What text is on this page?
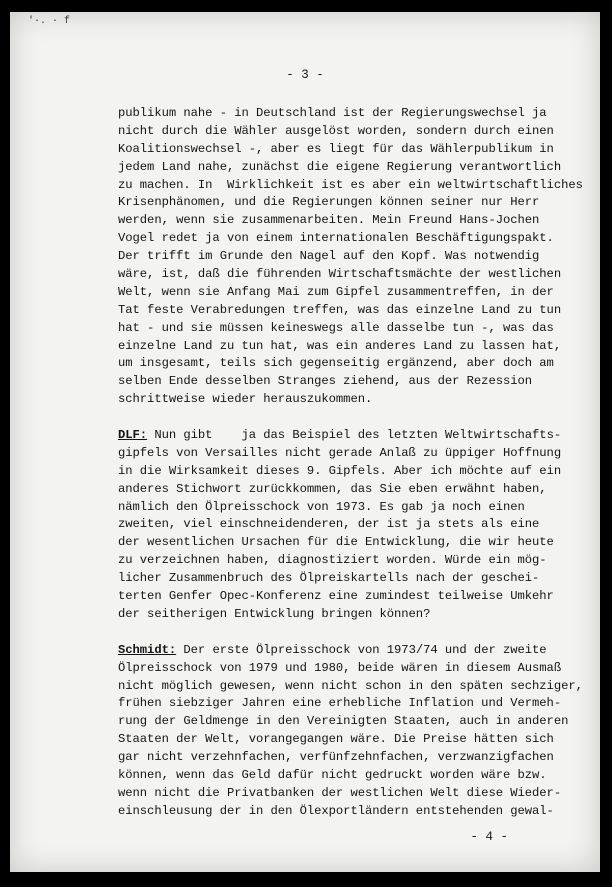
'·. · f
- 3 -
publikum nahe - in Deutschland ist der Regierungswechsel ja
nicht durch die Wähler ausgelöst worden, sondern durch einen
Koalitionswechsel -, aber es liegt für das Wählerpublikum in
jedem Land nahe, zunächst die eigene Regierung verantwortlich
zu machen. In  Wirklichkeit ist es aber ein weltwirtschaftliches
Krisenphänomen, und die Regierungen können seiner nur Herr
werden, wenn sie zusammenarbeiten. Mein Freund Hans-Jochen
Vogel redet ja von einem internationalen Beschäftigungspakt.
Der trifft im Grunde den Nagel auf den Kopf. Was notwendig
wäre, ist, daß die führenden Wirtschaftsmächte der westlichen
Welt, wenn sie Anfang Mai zum Gipfel zusammentreffen, in der
Tat feste Verabredungen treffen, was das einzelne Land zu tun
hat - und sie müssen keineswegs alle dasselbe tun -, was das
einzelne Land zu tun hat, was ein anderes Land zu lassen hat,
um insgesamt, teils sich gegenseitig ergänzend, aber doch am
selben Ende desselben Stranges ziehend, aus der Rezession
schrittweise wieder herauszukommen.
DLF: Nun gibt    ja das Beispiel des letzten Weltwirtschafts-
gipfels von Versailles nicht gerade Anlaß zu üppiger Hoffnung
in die Wirksamkeit dieses 9. Gipfels. Aber ich möchte auf ein
anderes Stichwort zurückkommen, das Sie eben erwähnt haben,
nämlich den Ölpreisschock von 1973. Es gab ja noch einen
zweiten, viel einschneidenderen, der ist ja stets als eine
der wesentlichen Ursachen für die Entwicklung, die wir heute
zu verzeichnen haben, diagnostiziert worden. Würde ein mög-
licher Zusammenbruch des Ölpreiskartells nach der geschei-
terten Genfer Opec-Konferenz eine zumindest teilweise Umkehr
der seitherigen Entwicklung bringen können?
Schmidt: Der erste Ölpreisschock von 1973/74 und der zweite
Ölpreisschock von 1979 und 1980, beide wären in diesem Ausmaß
nicht möglich gewesen, wenn nicht schon in den späten sechziger,
frühen siebziger Jahren eine erhebliche Inflation und Vermeh-
rung der Geldmenge in den Vereinigten Staaten, auch in anderen
Staaten der Welt, vorangegangen wäre. Die Preise hätten sich
gar nicht verzehnfachen, verfünfzehnfachen, verzwanzigfachen
können, wenn das Geld dafür nicht gedruckt worden wäre bzw.
wenn nicht die Privatbanken der westlichen Welt diese Wieder-
einschleusung der in den Ölexportländern entstehenden gewal-
- 4 -
